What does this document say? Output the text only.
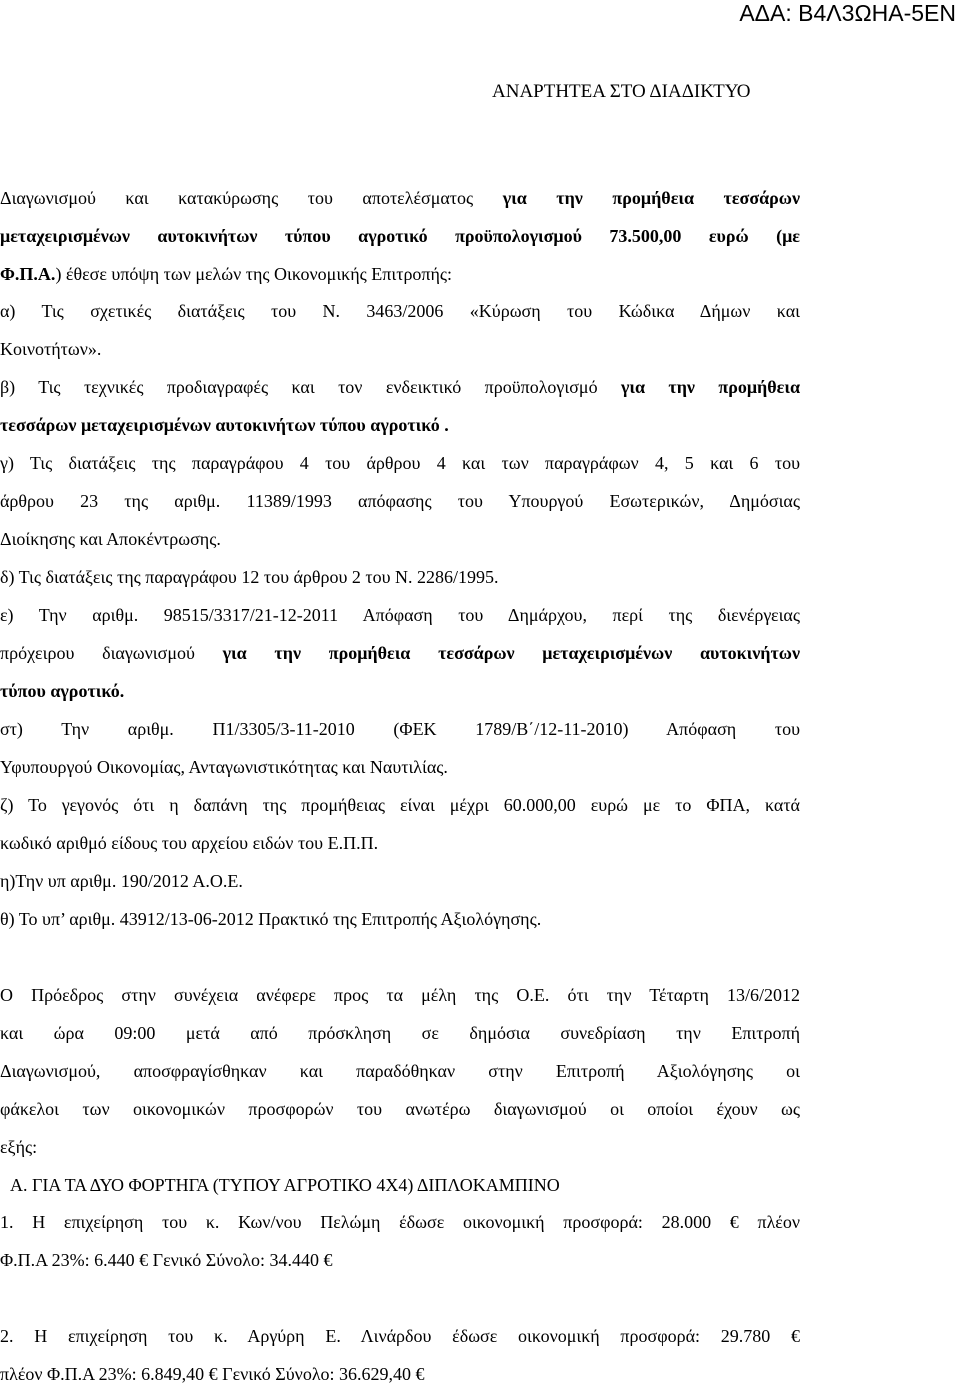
ΑΔΑ: Β4Λ3ΩΗΑ-5ΕΝ
ΑΝΑΡΤΗΤΕΑ ΣΤΟ ΔΙΑΔΙΚΤΥΟ
Διαγωνισμού και κατακύρωσης του αποτελέσματος για την προμήθεια τεσσάρων
μεταχειρισμένων αυτοκινήτων τύπου αγροτικό προϋπολογισμού 73.500,00 ευρώ (με
Φ.Π.Α.) έθεσε υπόψη των μελών της Οικονομικής Επιτροπής:
α) Τις σχετικές διατάξεις του Ν. 3463/2006 «Κύρωση του Κώδικα Δήμων και
Κοινοτήτων».
β) Τις τεχνικές προδιαγραφές και τον ενδεικτικό προϋπολογισμό για την προμήθεια
τεσσάρων μεταχειρισμένων αυτοκινήτων τύπου αγροτικό .
γ) Τις διατάξεις της παραγράφου 4 του άρθρου 4 και των παραγράφων 4, 5 και 6 του
άρθρου 23 της αριθμ. 11389/1993 απόφασης του Υπουργού Εσωτερικών, Δημόσιας
Διοίκησης και Αποκέντρωσης.
δ) Τις διατάξεις της παραγράφου 12 του άρθρου 2 του Ν. 2286/1995.
ε) Την αριθμ. 98515/3317/21-12-2011 Απόφαση του Δημάρχου, περί της διενέργειας
πρόχειρου διαγωνισμού για την προμήθεια τεσσάρων μεταχειρισμένων αυτοκινήτων
τύπου αγροτικό.
στ) Την αριθμ. Π1/3305/3-11-2010 (ΦΕΚ 1789/Β΄/12-11-2010) Απόφαση του
Υφυπουργού Οικονομίας, Ανταγωνιστικότητας και Ναυτιλίας.
ζ) Το γεγονός ότι η δαπάνη της προμήθειας είναι μέχρι 60.000,00 ευρώ με το ΦΠΑ, κατά
κωδικό αριθμό είδους του αρχείου ειδών του Ε.Π.Π.
η)Την υπ αριθμ. 190/2012 Α.Ο.Ε.
θ) Το υπ’ αριθμ. 43912/13-06-2012 Πρακτικό της Επιτροπής Αξιολόγησης.
Ο Πρόεδρος στην συνέχεια ανέφερε προς τα μέλη της Ο.Ε. ότι την Τέταρτη 13/6/2012
και ώρα 09:00 μετά από πρόσκληση σε δημόσια συνεδρίαση την Επιτροπή
Διαγωνισμού, αποσφραγίσθηκαν και παραδόθηκαν στην Επιτροπή Αξιολόγησης οι
φάκελοι των οικονομικών προσφορών του ανωτέρω διαγωνισμού οι οποίοι έχουν ως
εξής:
Α. ΓΙΑ ΤΑ ΔΥΟ ΦΟΡΤΗΓΑ (ΤΥΠΟΥ ΑΓΡΟΤΙΚΟ 4Χ4) ΔΙΠΛΟΚΑΜΠΙΝΟ
1. Η επιχείρηση του κ. Κων/νου Πελώμη έδωσε οικονομική προσφορά: 28.000 € πλέον
Φ.Π.Α 23%: 6.440 € Γενικό Σύνολο: 34.440 €
2. Η επιχείρηση του κ. Αργύρη Ε. Λινάρδου έδωσε οικονομική προσφορά: 29.780 €
πλέον Φ.Π.Α 23%: 6.849,40 € Γενικό Σύνολο: 36.629,40 €
